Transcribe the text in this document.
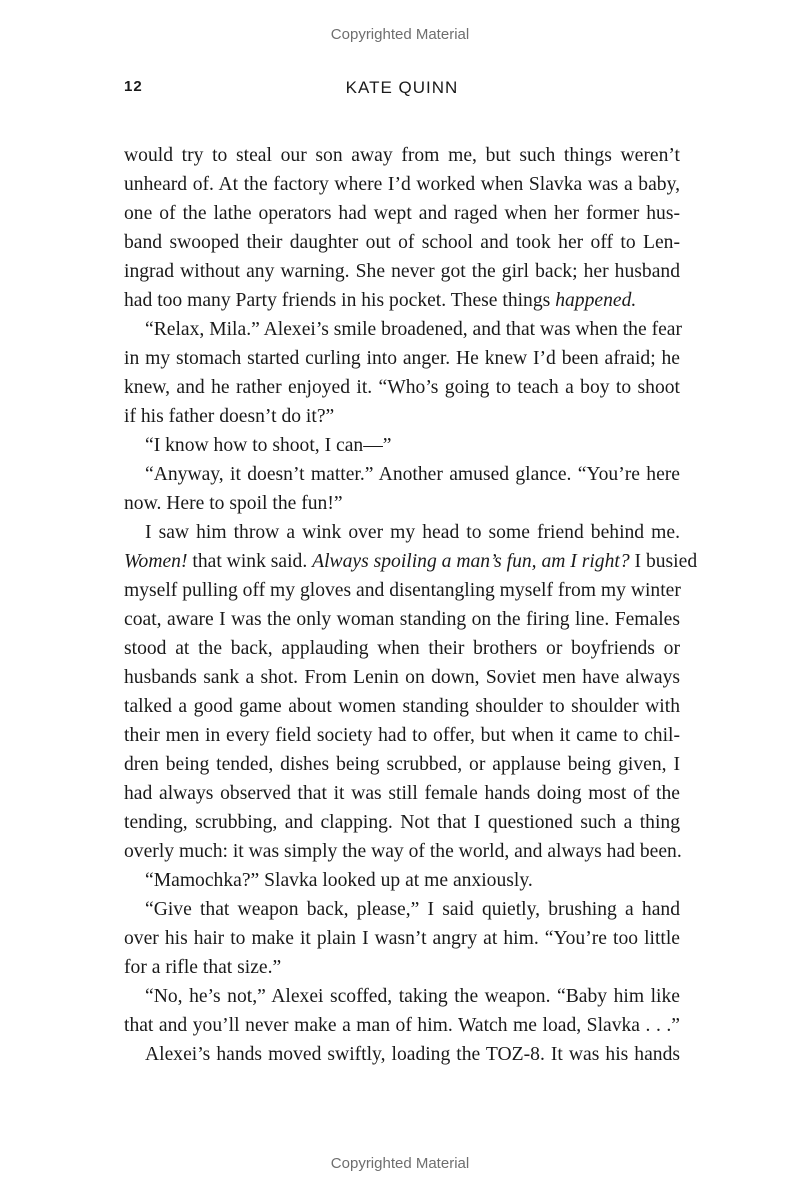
Copyrighted Material
12	KATE QUINN

would try to steal our son away from me, but such things weren’t
unheard of. At the factory where I’d worked when Slavka was a baby,
one of the lathe operators had wept and raged when her former hus-
band swooped their daughter out of school and took her off to Len-
ingrad without any warning. She never got the girl back; her husband
had too many Party friends in his pocket. These things happened.

“Relax, Mila.” Alexei’s smile broadened, and that was when the fear
in my stomach started curling into anger. He knew I’d been afraid; he
knew, and he rather enjoyed it. “Who’s going to teach a boy to shoot
if his father doesn’t do it?”

“I know how to shoot, I can—”

“Anyway, it doesn’t matter.” Another amused glance. “You’re here
now. Here to spoil the fun!”

I saw him throw a wink over my head to some friend behind me.
Women! that wink said. Always spoiling a man’s fun, am I right? I busied
myself pulling off my gloves and disentangling myself from my winter
coat, aware I was the only woman standing on the firing line. Females
stood at the back, applauding when their brothers or boyfriends or
husbands sank a shot. From Lenin on down, Soviet men have always
talked a good game about women standing shoulder to shoulder with
their men in every field society had to offer, but when it came to chil-
dren being tended, dishes being scrubbed, or applause being given, I
had always observed that it was still female hands doing most of the
tending, scrubbing, and clapping. Not that I questioned such a thing
overly much: it was simply the way of the world, and always had been.

“Mamochka?” Slavka looked up at me anxiously.

“Give that weapon back, please,” I said quietly, brushing a hand
over his hair to make it plain I wasn’t angry at him. “You’re too little
for a rifle that size.”

“No, he’s not,” Alexei scoffed, taking the weapon. “Baby him like
that and you’ll never make a man of him. Watch me load, Slavka . . .”

Alexei’s hands moved swiftly, loading the TOZ-8. It was his hands

Copyrighted Material
